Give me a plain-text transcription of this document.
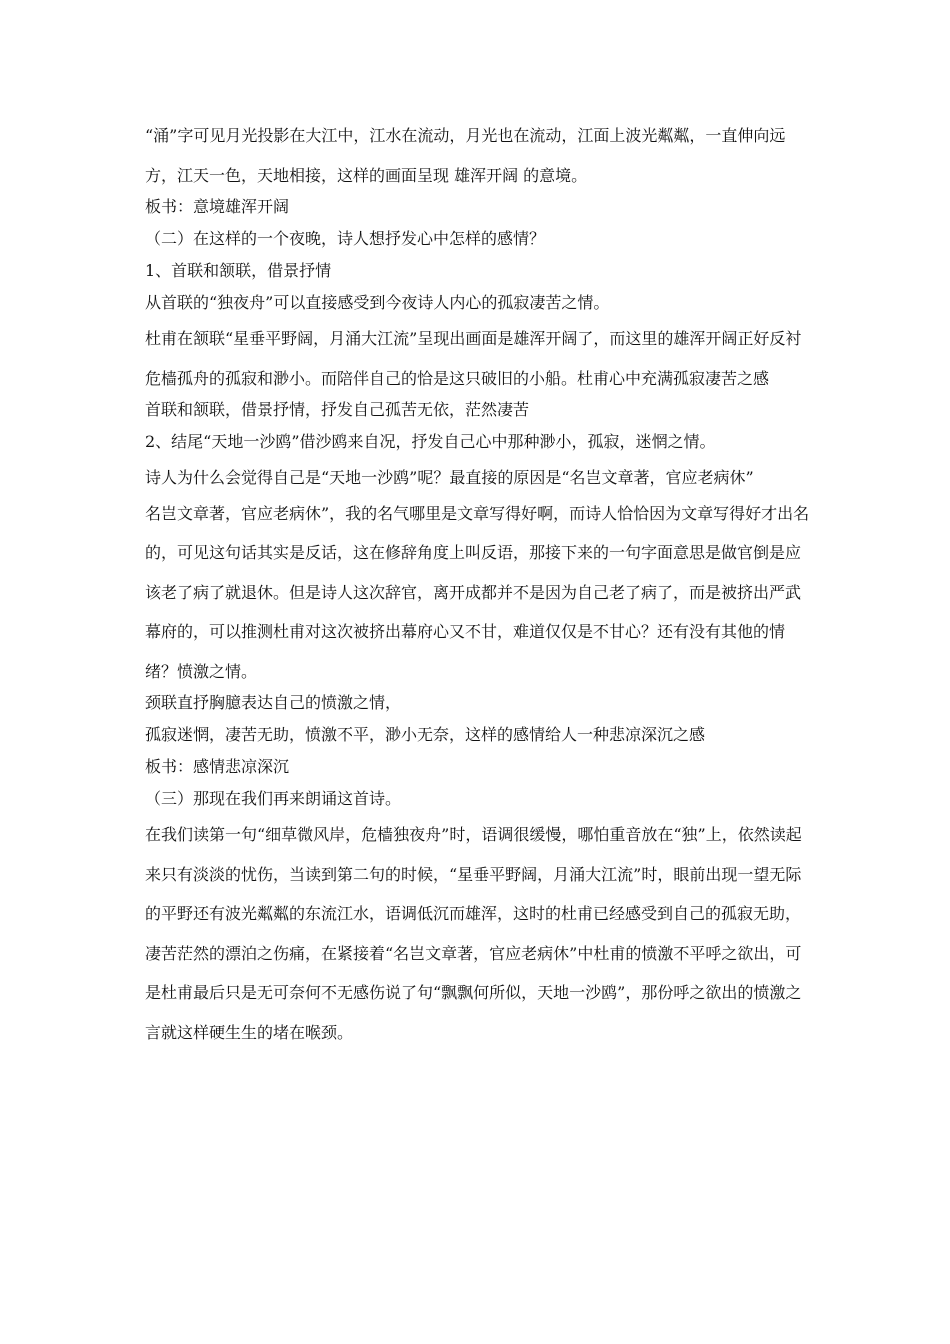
“涌”字可见月光投影在大江中，江水在流动，月光也在流动，江面上波光粼粼，一直伸向远方，江天一色，天地相接，这样的画面呈现 雄浑开阔 的意境。

板书：意境雄浑开阔

（二）在这样的一个夜晚，诗人想抒发心中怎样的感情？

1、首联和颔联，借景抒情

从首联的“独夜舟”可以直接感受到今夜诗人内心的孤寂凄苦之情。

杜甫在颔联“星垂平野阔，月涌大江流”呈现出画面是雄浑开阔了，而这里的雄浑开阔正好反衬危樯孤舟的孤寂和渺小。而陪伴自己的恰是这只破旧的小船。杜甫心中充满孤寂凄苦之感

首联和颔联，借景抒情，抒发自己孤苦无依，茫然凄苦

2、结尾“天地一沙鸥”借沙鸥来自况，抒发自己心中那种渺小，孤寂，迷惘之情。

诗人为什么会觉得自己是“天地一沙鸥”呢？最直接的原因是“名岂文章著，官应老病休”

名岂文章著，官应老病休”，我的名气哪里是文章写得好啊，而诗人恰恰因为文章写得好才出名的，可见这句话其实是反话，这在修辞角度上叫反语，那接下来的一句字面意思是做官倒是应该老了病了就退休。但是诗人这次辞官，离开成都并不是因为自己老了病了，而是被挤出严武幕府的，可以推测杜甫对这次被挤出幕府心又不甘，难道仅仅是不甘心？还有没有其他的情绪？愤激之情。

颈联直抒胸臆表达自己的愤激之情，

孤寂迷惘，凄苦无助，愤激不平，渺小无奈，这样的感情给人一种悲凉深沉之感

板书：感情悲凉深沉

（三）那现在我们再来朗诵这首诗。

在我们读第一句“细草微风岸，危樯独夜舟”时，语调很缓慢，哪怕重音放在“独”上，依然读起来只有淡淡的忧伤，当读到第二句的时候，“星垂平野阔，月涌大江流”时，眼前出现一望无际的平野还有波光粼粼的东流江水，语调低沉而雄浑，这时的杜甫已经感受到自己的孤寂无助，凄苦茫然的漂泊之伤痛，在紧接着“名岂文章著，官应老病休”中杜甫的愤激不平呼之欲出，可是杜甫最后只是无可奈何不无感伤说了句“飘飘何所似，天地一沙鸥”，那份呼之欲出的愤激之言就这样硬生生的堵在喉颈。
